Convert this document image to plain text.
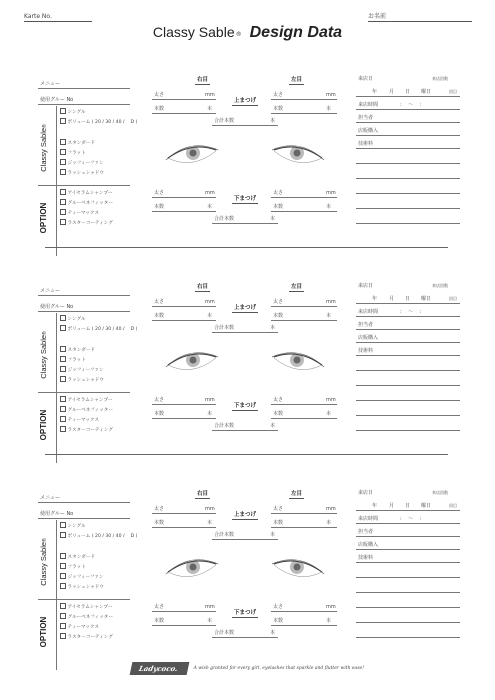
Karte No.	お名前
Classy Sable® Design Data
メニュー
使用グルー No
Classy Sable®
OPTION
シングル
ボリューム ( 20 / 30 / 40 /　 D )
スタンダード
フラット
ジッフィーファン
ラッシュシャドウ
アイセラムシャンプー
グルーベネフィッター
ティーマックス
ラスターコーティング
右目	左目
太さ	mm
本数	本
上まつげ
太さ	mm
本数	本
合計本数	本
太さ	mm
本数	本
下まつげ
太さ	mm
本数	本
合計本数	本
来店日	来店回数
年 月 日 曜日	回目
来店時間	:　 〜　 :
担当者
店販購入
技術料
メニュー
使用グルー No
Classy Sable®
OPTION
シングル
ボリューム ( 20 / 30 / 40 /　 D )
スタンダード
フラット
ジッフィーファン
ラッシュシャドウ
アイセラムシャンプー
グルーベネフィッター
ティーマックス
ラスターコーティング
右目	左目
太さ	mm
本数	本
上まつげ
太さ	mm
本数	本
合計本数	本
太さ	mm
本数	本
下まつげ
太さ	mm
本数	本
合計本数	本
来店日	来店回数
年 月 日 曜日	回目
来店時間	:　 〜　 :
担当者
店販購入
技術料
メニュー
使用グルー No
Classy Sable®
OPTION
シングル
ボリューム ( 20 / 30 / 40 /　 D )
スタンダード
フラット
ジッフィーファン
ラッシュシャドウ
アイセラムシャンプー
グルーベネフィッター
ティーマックス
ラスターコーティング
右目	左目
太さ	mm
本数	本
上まつげ
太さ	mm
本数	本
合計本数	本
太さ	mm
本数	本
下まつげ
太さ	mm
本数	本
合計本数	本
来店日	来店回数
年 月 日 曜日	回目
来店時間	:　 〜　 :
担当者
店販購入
技術料
Ladycoco.	A wish granted for every girl, eyelashes that sparkle and flutter with ease!
